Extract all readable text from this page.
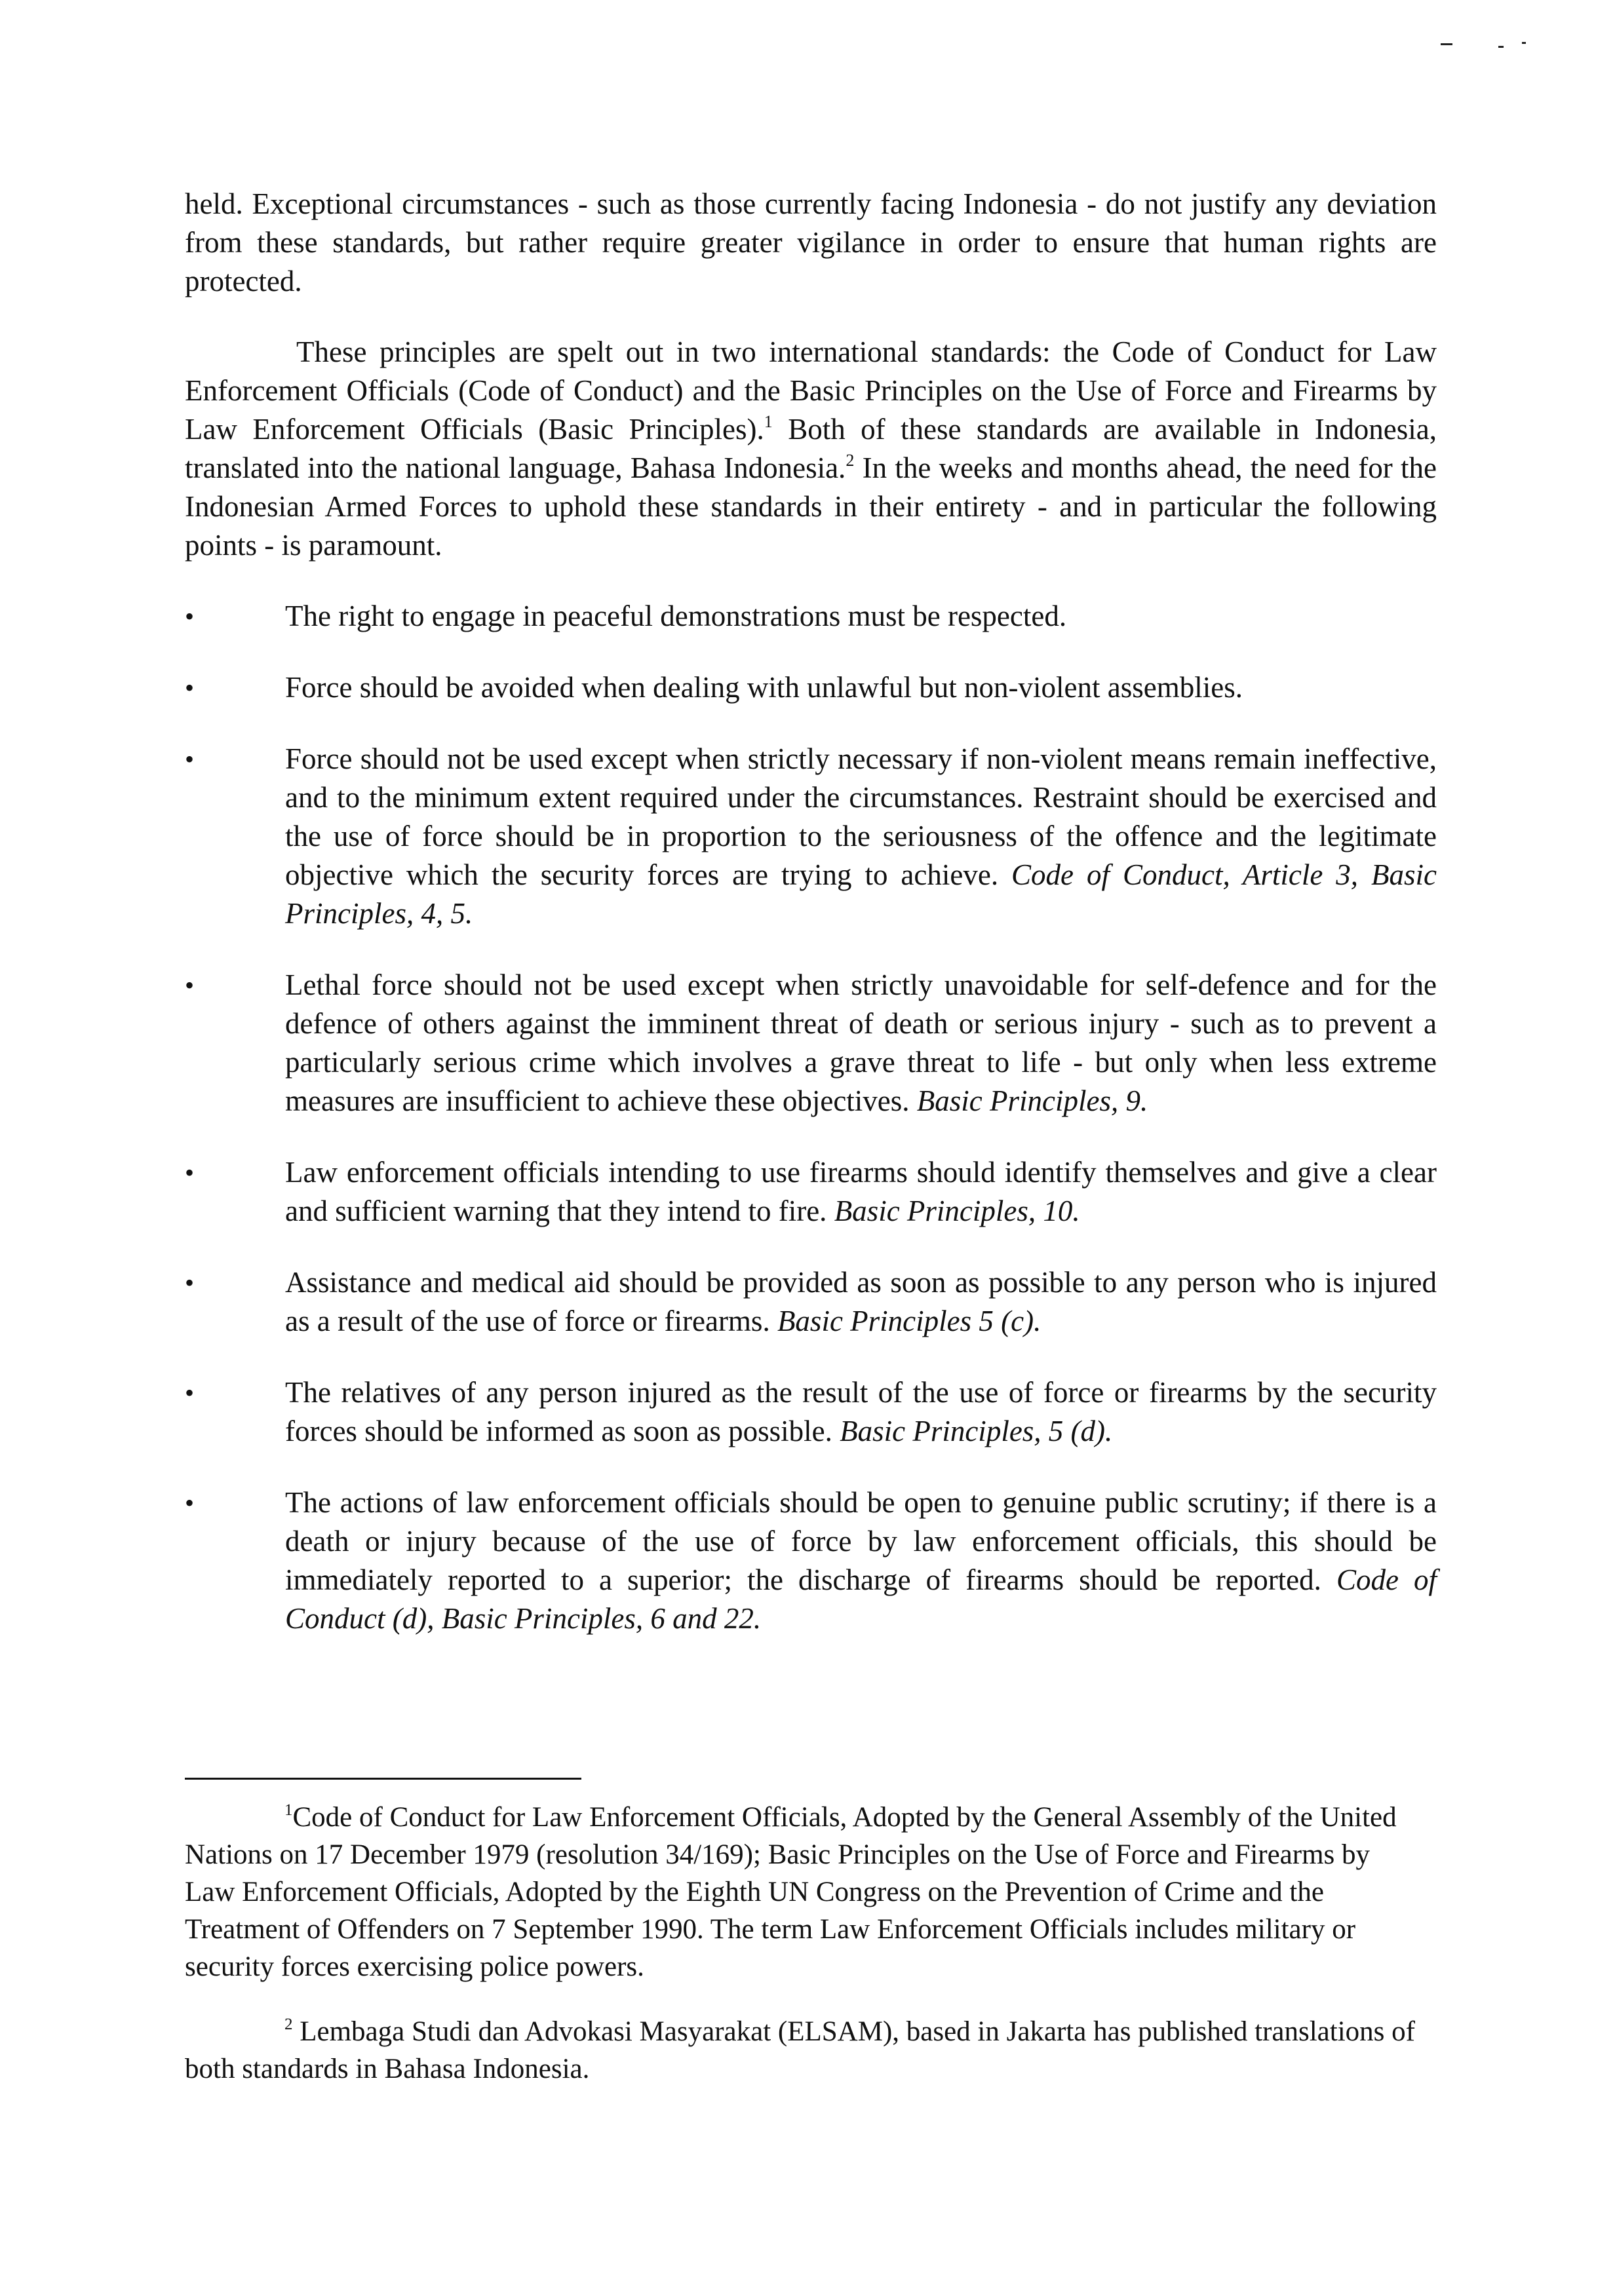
held. Exceptional circumstances - such as those currently facing Indonesia - do not justify any deviation from these standards, but rather require greater vigilance in order to ensure that human rights are protected.

These principles are spelt out in two international standards: the Code of Conduct for Law Enforcement Officials (Code of Conduct) and the Basic Principles on the Use of Force and Firearms by Law Enforcement Officials (Basic Principles).$^1$ Both of these standards are available in Indonesia, translated into the national language, Bahasa Indonesia.$^2$ In the weeks and months ahead, the need for the Indonesian Armed Forces to uphold these standards in their entirety - and in particular the following points - is paramount.

•	The right to engage in peaceful demonstrations must be respected.
•	Force should be avoided when dealing with unlawful but non-violent assemblies.
•	Force should not be used except when strictly necessary if non-violent means remain ineffective, and to the minimum extent required under the circumstances. Restraint should be exercised and the use of force should be in proportion to the seriousness of the offence and the legitimate objective which the security forces are trying to achieve. Code of Conduct, Article 3, Basic Principles, 4, 5.
•	Lethal force should not be used except when strictly unavoidable for self-defence and for the defence of others against the imminent threat of death or serious injury - such as to prevent a particularly serious crime which involves a grave threat to life - but only when less extreme measures are insufficient to achieve these objectives. Basic Principles, 9.
•	Law enforcement officials intending to use firearms should identify themselves and give a clear and sufficient warning that they intend to fire. Basic Principles, 10.
•	Assistance and medical aid should be provided as soon as possible to any person who is injured as a result of the use of force or firearms. Basic Principles 5 (c).
•	The relatives of any person injured as the result of the use of force or firearms by the security forces should be informed as soon as possible. Basic Principles, 5 (d).
•	The actions of law enforcement officials should be open to genuine public scrutiny; if there is a death or injury because of the use of force by law enforcement officials, this should be immediately reported to a superior; the discharge of firearms should be reported. Code of Conduct (d), Basic Principles, 6 and 22.

$^1$Code of Conduct for Law Enforcement Officials, Adopted by the General Assembly of the United Nations on 17 December 1979 (resolution 34/169); Basic Principles on the Use of Force and Firearms by Law Enforcement Officials, Adopted by the Eighth UN Congress on the Prevention of Crime and the Treatment of Offenders on 7 September 1990. The term Law Enforcement Officials includes military or security forces exercising police powers.

$^2$ Lembaga Studi dan Advokasi Masyarakat (ELSAM), based in Jakarta has published translations of both standards in Bahasa Indonesia.
